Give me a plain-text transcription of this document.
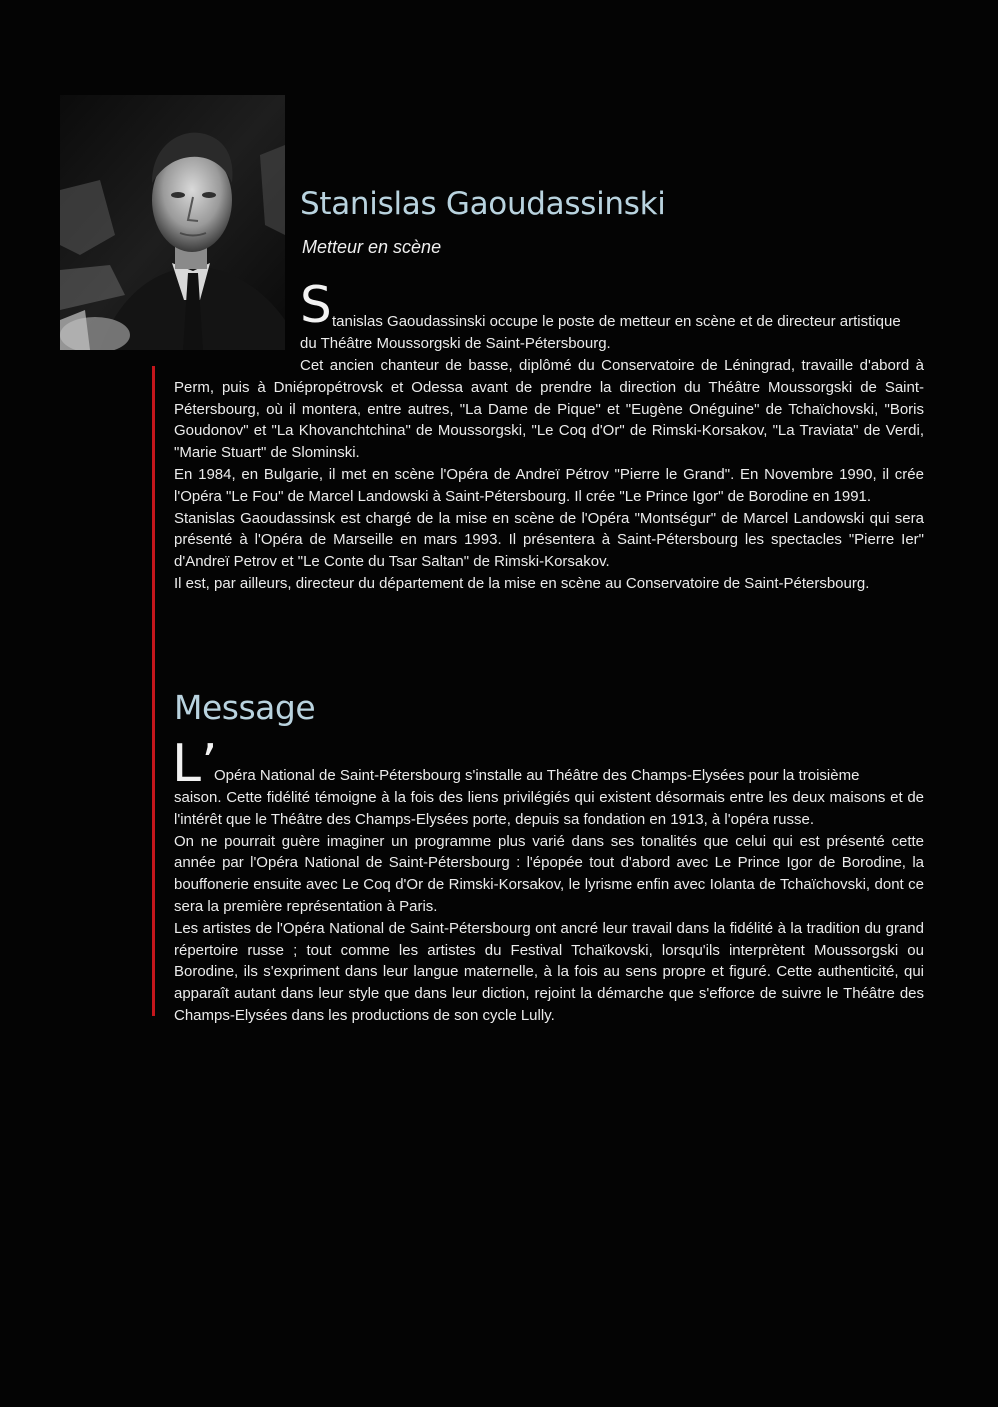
Stanislas Gaoudassinski
Metteur en scène
S tanislas Gaoudassinski occupe le poste de metteur en scène et de directeur artistique
du Théâtre Moussorgski de Saint-Pétersbourg.

Cet ancien chanteur de basse, diplômé du Conservatoire de Léningrad, travaille d'abord à Perm, puis à Dniépropétrovsk et Odessa avant de prendre la direction du Théâtre Moussorgski de Saint-Pétersbourg, où il montera, entre autres, "La Dame de Pique" et "Eugène Onéguine" de Tchaïchovski, "Boris Goudonov" et "La Khovanchtchina" de Moussorgski, "Le Coq d'Or" de Rimski-Korsakov, "La Traviata" de Verdi, "Marie Stuart" de Slominski.

En 1984, en Bulgarie, il met en scène l'Opéra de Andreï Pétrov "Pierre le Grand". En Novembre 1990, il crée l'Opéra "Le Fou" de Marcel Landowski à Saint-Pétersbourg. Il crée "Le Prince Igor" de Borodine en 1991.

Stanislas Gaoudassinsk est chargé de la mise en scène de l'Opéra "Montségur" de Marcel Landowski qui sera présenté à l'Opéra de Marseille en mars 1993. Il présentera à Saint-Pétersbourg les spectacles "Pierre Ier" d'Andreï Petrov et "Le Conte du Tsar Saltan" de Rimski-Korsakov.

Il est, par ailleurs, directeur du département de la mise en scène au Conservatoire de Saint-Pétersbourg.

Message
L’
Opéra National de Saint-Pétersbourg s'installe au Théâtre des Champs-Elysées pour la troisième

saison. Cette fidélité témoigne à la fois des liens privilégiés qui existent désormais entre les deux maisons et de l'intérêt que le Théâtre des Champs-Elysées porte, depuis sa fondation en 1913, à l'opéra russe.

On ne pourrait guère imaginer un programme plus varié dans ses tonalités que celui qui est présenté cette année par l'Opéra National de Saint-Pétersbourg : l'épopée tout d'abord avec Le Prince Igor de Borodine, la bouffonerie ensuite avec Le Coq d'Or de Rimski-Korsakov, le lyrisme enfin avec Iolanta de Tchaïchovski, dont ce sera la première représentation à Paris.

Les artistes de l'Opéra National de Saint-Pétersbourg ont ancré leur travail dans la fidélité à la tradition du grand répertoire russe ; tout comme les artistes du Festival Tchaïkovski, lorsqu'ils interprètent Moussorgski ou Borodine, ils s'expriment dans leur langue maternelle, à la fois au sens propre et figuré. Cette authenticité, qui apparaît autant dans leur style que dans leur diction, rejoint la démarche que s'efforce de suivre le Théâtre des Champs-Elysées dans les productions de son cycle Lully.
